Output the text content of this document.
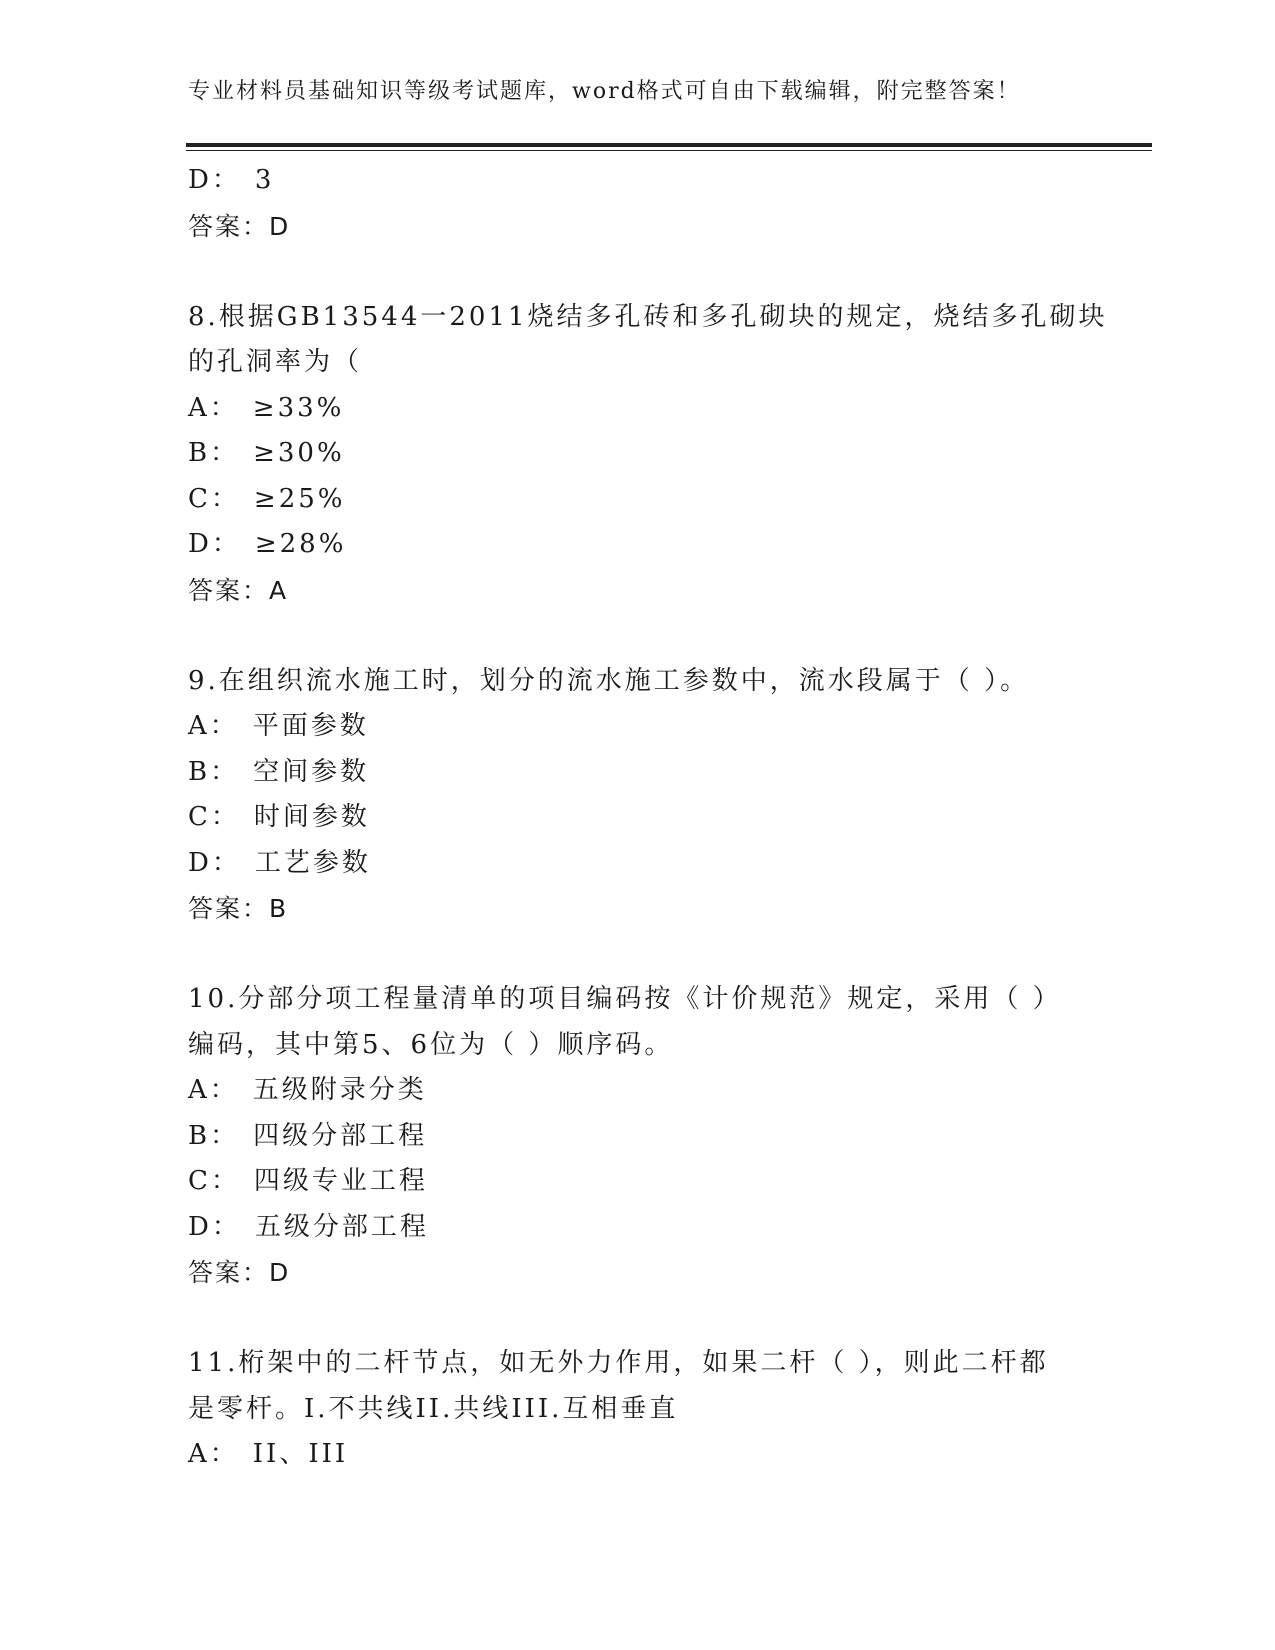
专业材料员基础知识等级考试题库，word格式可自由下载编辑，附完整答案！
D： 3
答案：D
8.根据GB13544一2011烧结多孔砖和多孔砌块的规定，烧结多孔砌块
的孔洞率为（
A： ≥33%
B： ≥30%
C： ≥25%
D： ≥28%
答案：A
9.在组织流水施工时，划分的流水施工参数中，流水段属于（ ）。
A： 平面参数
B： 空间参数
C： 时间参数
D： 工艺参数
答案：B
10.分部分项工程量清单的项目编码按《计价规范》规定，采用（ ）
编码，其中第5、6位为（ ）顺序码。
A： 五级附录分类
B： 四级分部工程
C： 四级专业工程
D： 五级分部工程
答案：D
11.桁架中的二杆节点，如无外力作用，如果二杆（ ），则此二杆都
是零杆。I.不共线II.共线III.互相垂直
A： II、III
